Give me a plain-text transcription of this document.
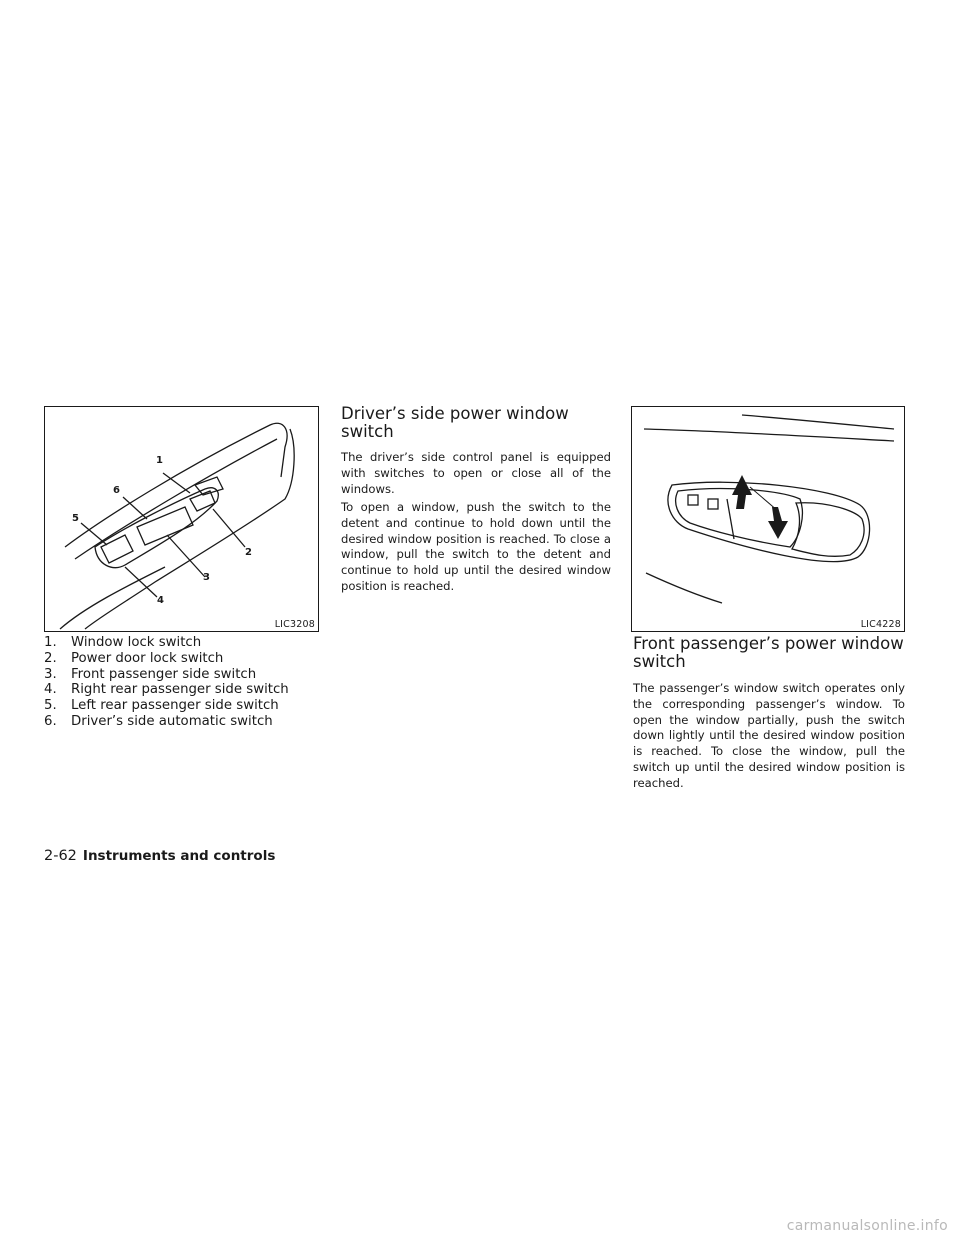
1
2
3
4
5
6
LIC3208
1. Window lock switch
2. Power door lock switch
3. Front passenger side switch
4. Right rear passenger side switch
5. Left rear passenger side switch
6. Driver’s side automatic switch
Driver’s side power window switch

The driver’s side control panel is equipped with switches to open or close all of the windows.

To open a window, push the switch to the detent and continue to hold down until the desired window position is reached. To close a window, pull the switch to the detent and continue to hold up until the desired window position is reached.

LIC4228
Front passenger’s power window switch

The passenger’s window switch operates only the corresponding passenger’s window. To open the window partially, push the switch down lightly until the desired window position is reached. To close the window, pull the switch up until the desired window position is reached.

2-62 Instruments and controls
carmanualsonline.info
